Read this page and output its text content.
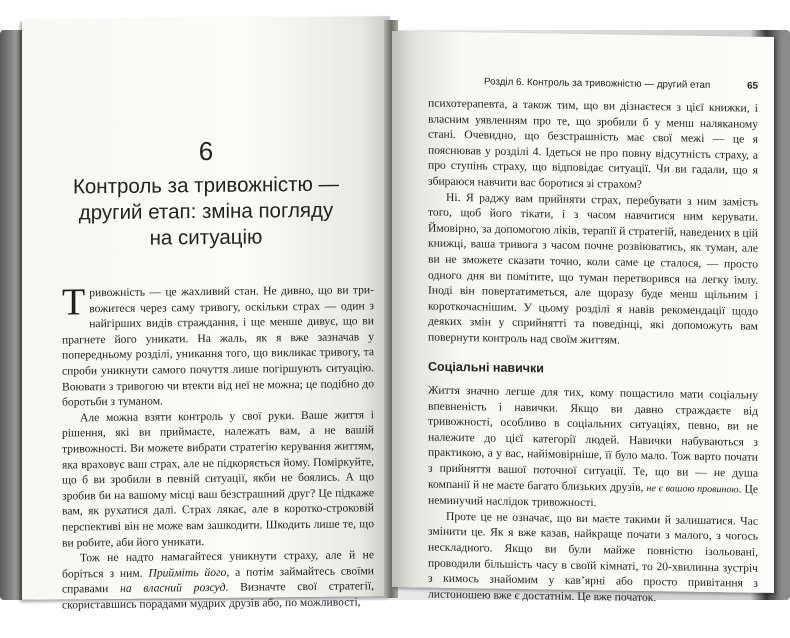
6
Контроль за тривожністю —
другий етап: зміна погляду
на ситуацію

Тривожність — це жахливий стан. Не дивно, що ви три-вожитеся через саму тривогу, оскільки страх — один з найгірших видів страждання, і ще менше дивує, що ви прагнете його уникати. На жаль, як я вже зазначав у попередньому розділі, уникання того, що викликає тривогу, та спроби уникнути самого почуття лише погіршують ситуацію. Воювати з тривогою чи втекти від неї не можна; це подібно до боротьби з туманом.

Але можна взяти контроль у свої руки. Ваше життя і рішення, які ви приймаєте, належать вам, а не вашій тривожності. Ви можете вибрати стратегію керування життям, яка враховує ваш страх, але не підкоряється йому. Поміркуйте, що б ви зробили в певній ситуації, якби не боялись. А що зробив би на вашому місці ваш безстрашний друг? Це підкаже вам, як рухатися далі. Страх лякає, але в коротко-строковій перспективі він не може вам зашкодити. Шкодить лише те, що ви робите, аби його уникати.

Тож не надто намагайтеся уникнути страху, але й не боріться з ним. Прийміть його, а потім займайтесь своїми справами на власний розсуд. Визначте свої стратегії, скориставшись порадами мудрих друзів або, по можливості,

Розділ 6. Контроль за тривожністю — другий етап	65

психотерапевта, а також тим, що ви дізнаєтеся з цієї книжки, і власним уявленням про те, що зробили б у менш наляканому стані. Очевидно, що безстрашність має свої межі — це я пояснював у розділі 4. Ідеться не про повну відсутність страху, а про ступінь страху, що відповідає ситуації. Чи ви гадали, що я збираюся навчити вас боротися зі страхом?

Ні. Я раджу вам прийняти страх, перебувати з ним замість того, щоб його тікати, і з часом навчитися ним керувати. Ймовірно, за допомогою ліків, терапії й стратегій, наведених в цій книжці, ваша тривога з часом почне розвіюватись, як туман, але ви не зможете сказати точно, коли саме це сталося, — просто одного дня ви помітите, що туман перетворився на легку імлу. Іноді він повертатиметься, але щоразу буде менш щільним і короткочаснішим. У цьому розділі я навів рекомендації щодо деяких змін у сприйнятті та поведінці, які допоможуть вам повернути контроль над своїм життям.

Соціальні навички

Життя значно легше для тих, кому пощастило мати соціальну впевненість і навички. Якщо ви давно страждаєте від тривожності, особливо в соціальних ситуаціях, певно, ви не належите до цієї категорії людей. Навички набуваються з практикою, а у вас, найімовірніше, її було мало. Тож варто почати з прийняття вашої поточної ситуації. Те, що ви — не душа компанії й не маєте багато близьких друзів, не є вашою провиною. Це неминучий наслідок тривожності.

Проте це не означає, що ви маєте такими й залишатися. Час змінити це. Як я вже казав, найкраще почати з малого, з чогось нескладного. Якщо ви були майже повністю ізольовані, проводили більшість часу в своїй кімнаті, то 20-хвилинна зустріч з кимось знайомим у кав’ярні або просто привітання з листоношею вже є достатнім. Це вже початок.
